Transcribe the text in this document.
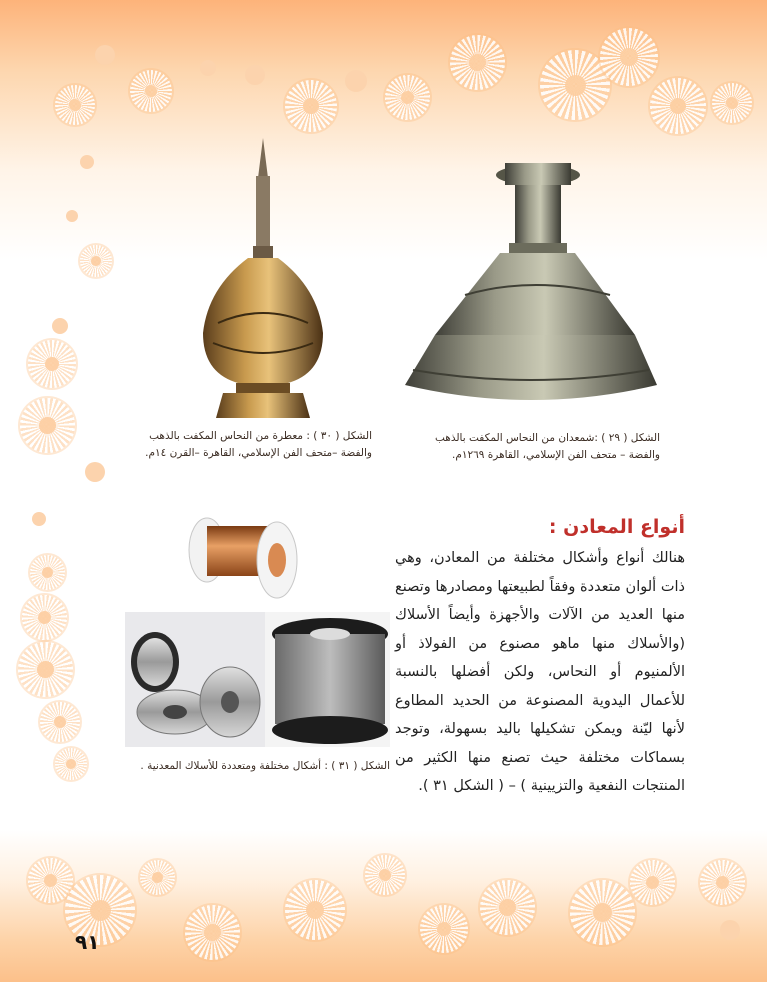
الشكل ( ٣٠ ) : معطرة من النحاس المكفت بالذهب والفضة –متحف الفن الإسلامي، القاهرة –القرن ١٤م.
الشكل ( ٢٩ ) :شمعدان من النحاس المكفت بالذهب والفضة – متحف الفن الإسلامي، القاهرة ١٢٦٩م.
الشكل ( ٣١ ) : أشكال مختلفة ومتعددة للأسلاك المعدنية .
أنواع المعادن :
هنالك أنواع وأشكال مختلفة من المعادن، وهي ذات ألوان متعددة وفقاً لطبيعتها ومصادرها وتصنع منها العديد من الآلات والأجهزة وأيضاً الأسلاك (والأسلاك منها ماهو مصنوع من الفولاذ أو الألمنيوم أو النحاس، ولكن أفضلها بالنسبة للأعمال اليدوية المصنوعة من الحديد المطاوع لأنها ليّنة ويمكن تشكيلها باليد بسهولة، وتوجد بسماكات مختلفة حيث تصنع منها الكثير من المنتجات النفعية والتزيينية ) – ( الشكل ٣١ ).
٩١
